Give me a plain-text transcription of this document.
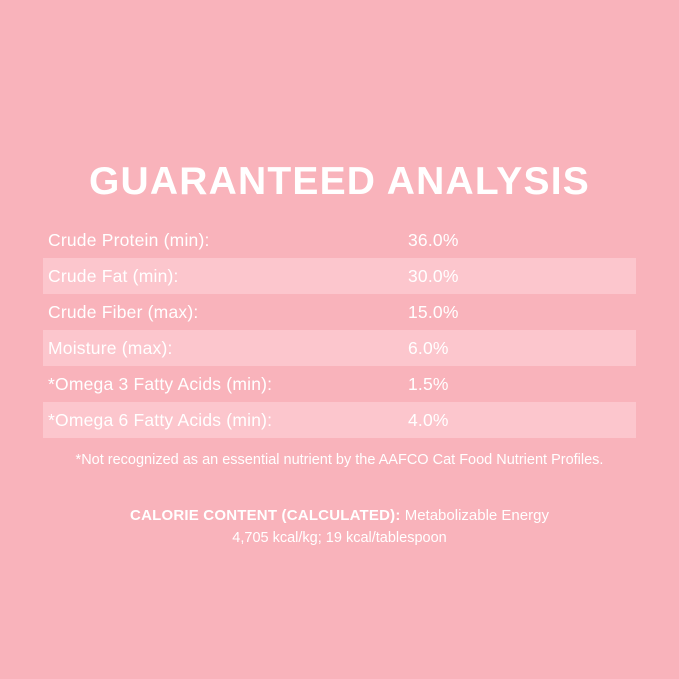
GUARANTEED ANALYSIS
Crude Protein (min):	36.0%
Crude Fat (min):	30.0%
Crude Fiber (max):	15.0%
Moisture (max):	6.0%
*Omega 3 Fatty Acids (min):	1.5%
*Omega 6 Fatty Acids (min):	4.0%
*Not recognized as an essential nutrient by the AAFCO Cat Food Nutrient Profiles.
CALORIE CONTENT (CALCULATED): Metabolizable Energy
4,705 kcal/kg; 19 kcal/tablespoon
